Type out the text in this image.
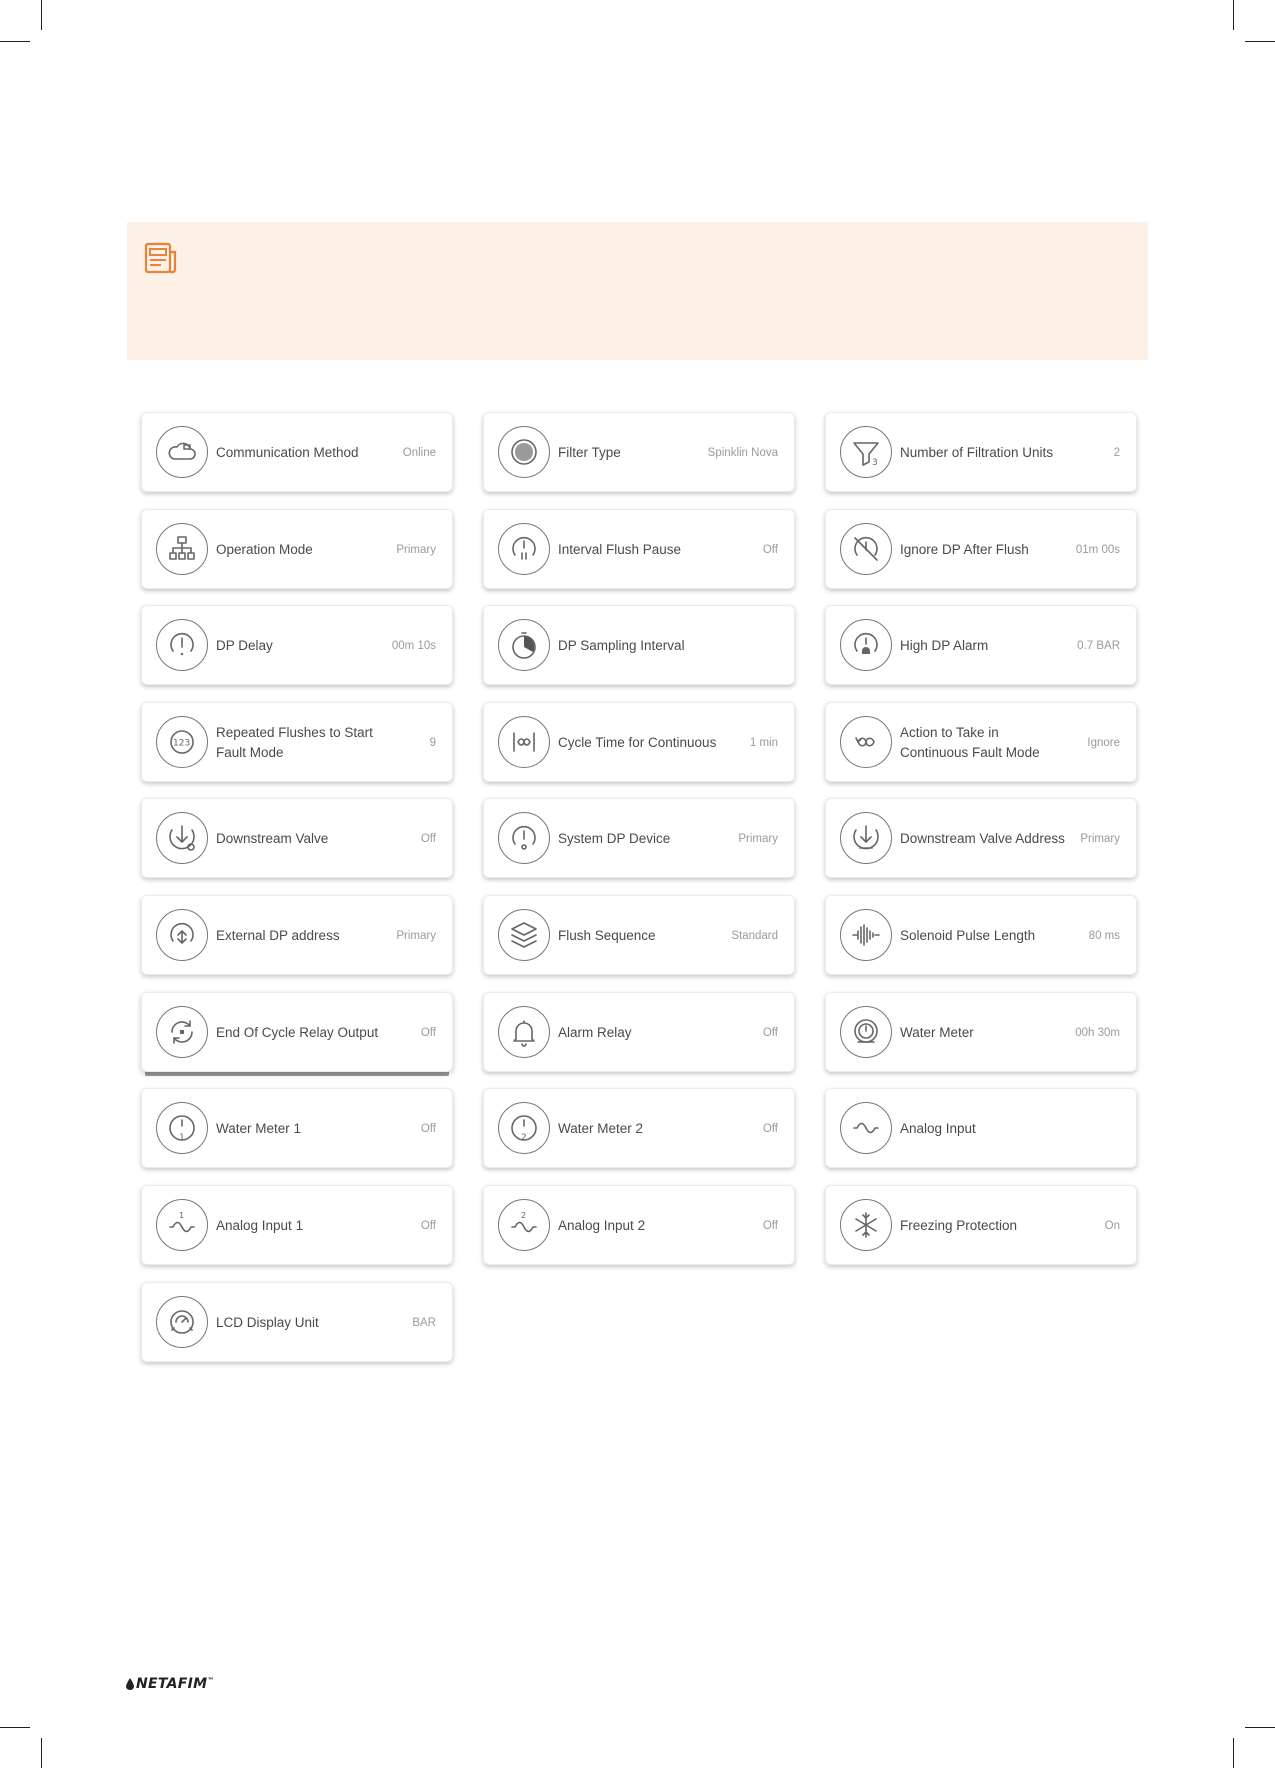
Communication Method	Online	Filter Type	Spinklin Nova
3
Number of Filtration Units	2
Operation Mode	Primary	Interval Flush Pause	Off	Ignore DP After Flush	01m 00s
DP Delay	00m 10s	DP Sampling Interval	High DP Alarm	0.7 BAR
123
Repeated Flushes to Start Fault Mode
9	Cycle Time for Continuous	1 min
Action to Take in Continuous Fault Mode
Ignore
Downstream Valve	Off	System DP Device	Primary	Downstream Valve Address	Primary
External DP address	Primary	Flush Sequence	Standard	Solenoid Pulse Length	80 ms
End Of Cycle Relay Output	Off	Alarm Relay	Off	Water Meter	00h 30m
1
Water Meter 1	Off
2
Water Meter 2	Off	Analog Input
1
Analog Input 1	Off
2
Analog Input 2	Off	Freezing Protection	On
LCD Display Unit	BAR
NETAFIM™
